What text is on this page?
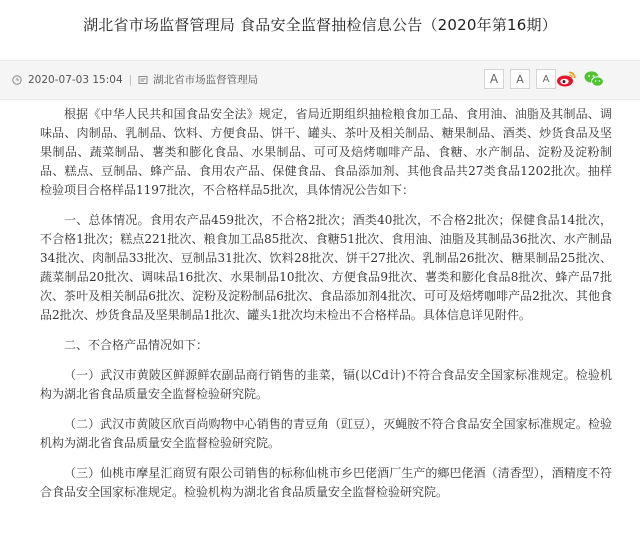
湖北省市场监督管理局 食品安全监督抽检信息公告（2020年第16期）
2020-07-03 15:04 | 湖北省市场监督管理局	A A A

根据《中华人民共和国食品安全法》规定，省局近期组织抽检粮食加工品、食用油、油脂及其制品、调味品、肉制品、乳制品、饮料、方便食品、饼干、罐头、茶叶及相关制品、糖果制品、酒类、炒货食品及坚果制品、蔬菜制品、薯类和膨化食品、水果制品、可可及焙烤咖啡产品、食糖、水产制品、淀粉及淀粉制品、糕点、豆制品、蜂产品、食用农产品、保健食品、食品添加剂、其他食品共27类食品1202批次。抽样检验项目合格样品1197批次，不合格样品5批次，具体情况公告如下：

一、总体情况。食用农产品459批次，不合格2批次；酒类40批次，不合格2批次；保健食品14批次，不合格1批次；糕点221批次、粮食加工品85批次、食糖51批次、食用油、油脂及其制品36批次、水产制品34批次、肉制品33批次、豆制品31批次、饮料28批次、饼干27批次、乳制品26批次、糖果制品25批次、蔬菜制品20批次、调味品16批次、水果制品10批次、方便食品9批次、薯类和膨化食品8批次、蜂产品7批次、茶叶及相关制品6批次、淀粉及淀粉制品6批次、食品添加剂4批次、可可及焙烤咖啡产品2批次、其他食品2批次、炒货食品及坚果制品1批次、罐头1批次均未检出不合格样品。具体信息详见附件。

二、不合格产品情况如下：

（一）武汉市黄陂区鲜源鲜农副品商行销售的韭菜，镉(以Cd计)不符合食品安全国家标准规定。检验机构为湖北省食品质量安全监督检验研究院。

（二）武汉市黄陂区欣百尚购物中心销售的青豆角（豇豆），灭蝇胺不符合食品安全国家标准规定。检验机构为湖北省食品质量安全监督检验研究院。

（三）仙桃市摩星汇商贸有限公司销售的标称仙桃市乡巴佬酒厂生产的鄉巴佬酒（清香型），酒精度不符合食品安全国家标准规定。检验机构为湖北省食品质量安全监督检验研究院。
